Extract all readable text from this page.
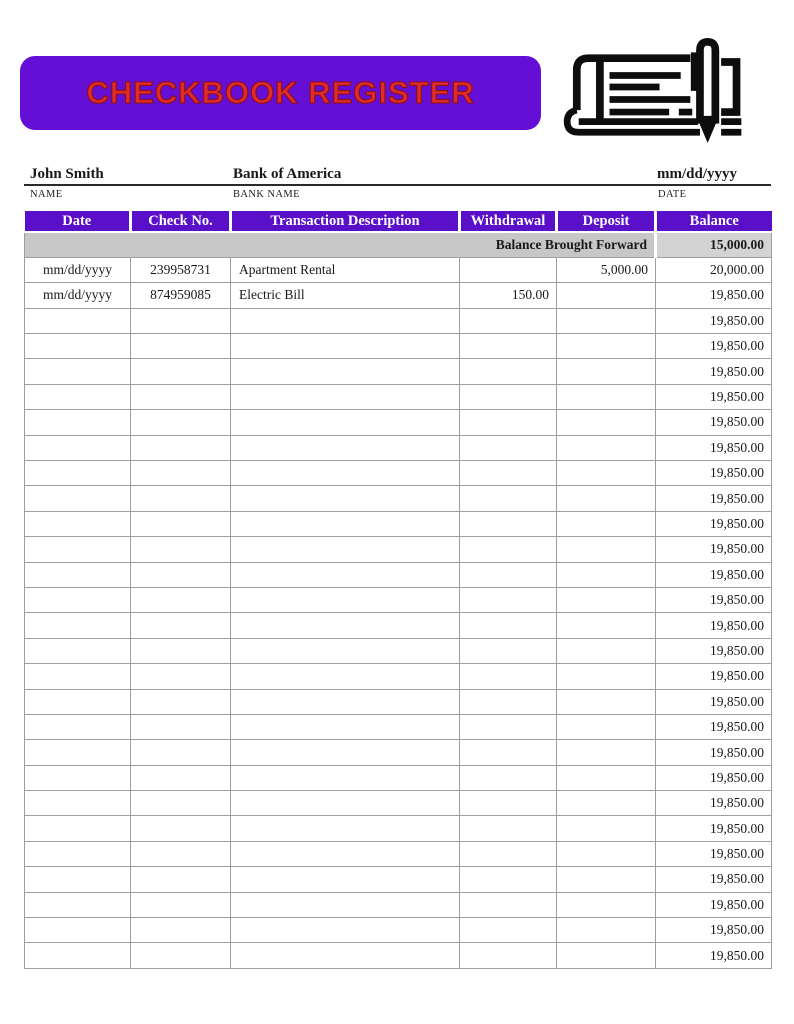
CHECKBOOK REGISTER
John Smith	Bank of America	mm/dd/yyyy
NAME	BANK NAME	DATE
Date	Check No.	Transaction Description	Withdrawal	Deposit	Balance
Balance Brought Forward					15,000.00
mm/dd/yyyy	239958731	Apartment Rental		5,000.00	20,000.00
mm/dd/yyyy	874959085	Electric Bill	150.00		19,850.00
					19,850.00
					19,850.00
					19,850.00
					19,850.00
					19,850.00
					19,850.00
					19,850.00
					19,850.00
					19,850.00
					19,850.00
					19,850.00
					19,850.00
					19,850.00
					19,850.00
					19,850.00
					19,850.00
					19,850.00
					19,850.00
					19,850.00
					19,850.00
					19,850.00
					19,850.00
					19,850.00
					19,850.00
					19,850.00
					19,850.00
